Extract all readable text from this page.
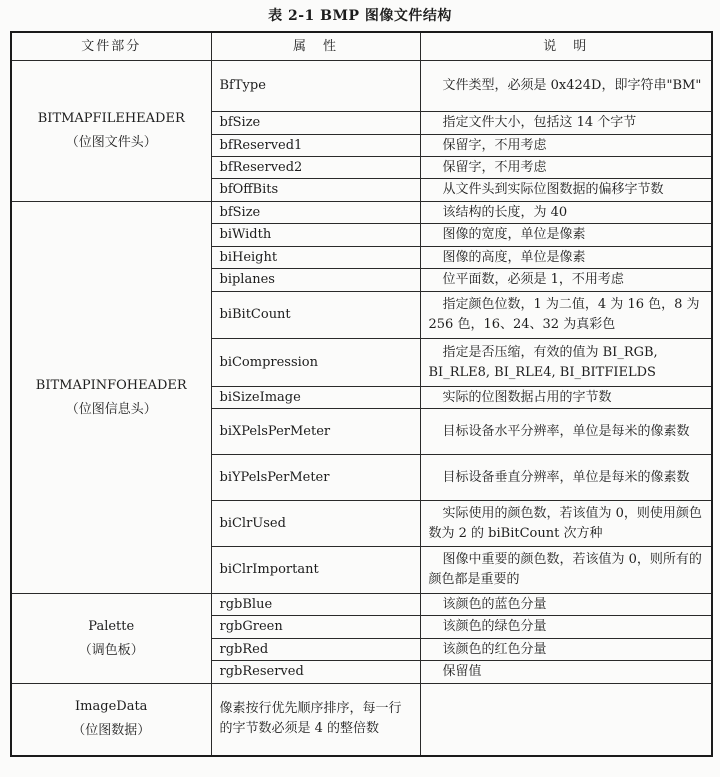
表 2-1 BMP 图像文件结构
文件部分	属　性	说　明

BITMAPFILEHEADER
（位图文件头）	BfType	文件类型，必须是 0x424D，即字符串"BM"
	bfSize	指定文件大小，包括这 14 个字节
	bfReserved1	保留字，不用考虑
	bfReserved2	保留字，不用考虑
	bfOffBits	从文件头到实际位图数据的偏移字节数

BITMAPINFOHEADER
（位图信息头）	bfSize	该结构的长度，为 40
	biWidth	图像的宽度，单位是像素
	biHeight	图像的高度，单位是像素
	biplanes	位平面数，必须是 1，不用考虑
	biBitCount	指定颜色位数，1 为二值，4 为 16 色，8 为 256 色，16、24、32 为真彩色
	biCompression	指定是否压缩，有效的值为 BI_RGB, BI_RLE8, BI_RLE4, BI_BITFIELDS
	biSizeImage	实际的位图数据占用的字节数
	biXPelsPerMeter	目标设备水平分辨率，单位是每米的像素数
	biYPelsPerMeter	目标设备垂直分辨率，单位是每米的像素数
	biClrUsed	实际使用的颜色数，若该值为 0，则使用颜色数为 2 的 biBitCount 次方种
	biClrImportant	图像中重要的颜色数，若该值为 0，则所有的颜色都是重要的

Palette
（调色板）	rgbBlue	该颜色的蓝色分量
	rgbGreen	该颜色的绿色分量
	rgbRed	该颜色的红色分量
	rgbReserved	保留值

ImageData
（位图数据）	像素按行优先顺序排序，每一行的字节数必须是 4 的整倍数	
